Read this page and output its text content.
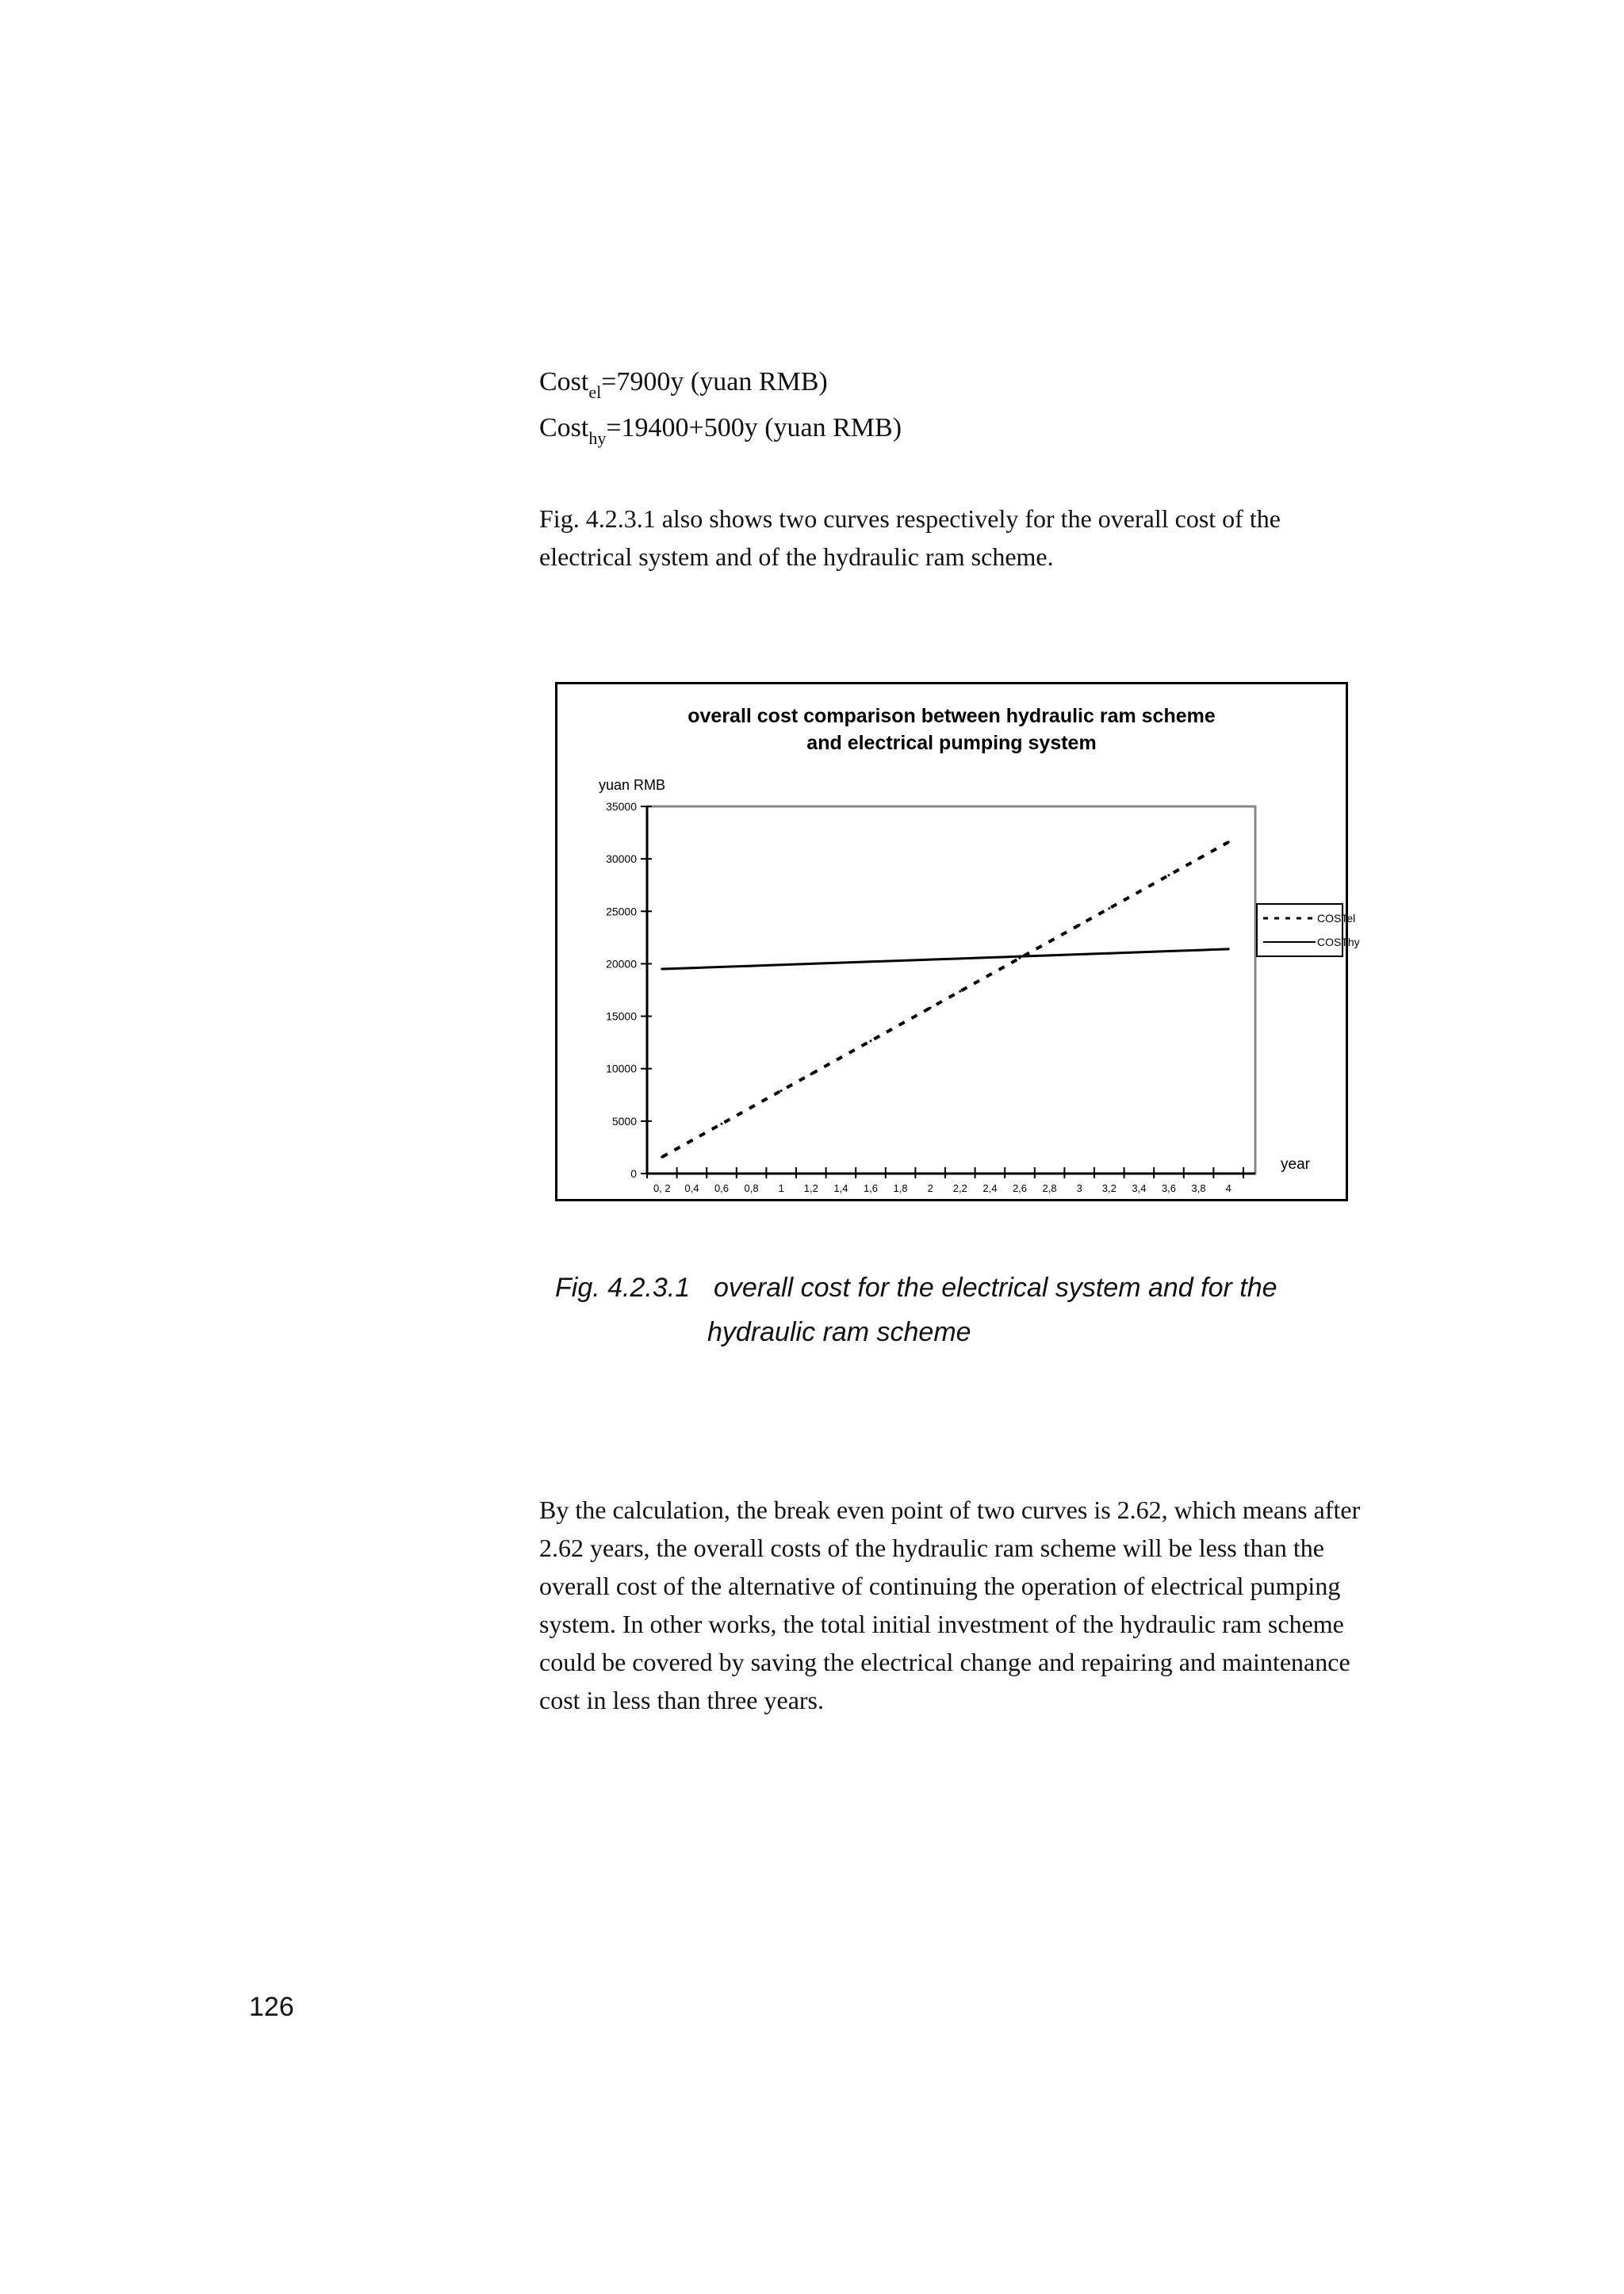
Cost$_{el}$=7900y (yuan RMB)
Cost$_{hy}$=19400+500y (yuan RMB)

Fig. 4.2.3.1 also shows two curves respectively for the overall cost of the electrical system and of the hydraulic ram scheme.

overall cost comparison between hydraulic ram scheme
and electrical pumping system
yuan RMB
year
0
5000
10000
15000
20000
25000
30000
35000
0, 2 0,4 0,6 0,8 1 1,2 1,4 1,6 1,8 2 2,2 2,4 2,6 2,8 3 3,2 3,4 3,6 3,8 4
COSTel
COSThy
Fig. 4.2.3.1 overall cost for the electrical system and for the
hydraulic ram scheme

By the calculation, the break even point of two curves is 2.62, which means after 2.62 years, the overall costs of the hydraulic ram scheme will be less than the overall cost of the alternative of continuing the operation of electrical pumping system. In other works, the total initial investment of the hydraulic ram scheme could be covered by saving the electrical change and repairing and maintenance cost in less than three years.

126
